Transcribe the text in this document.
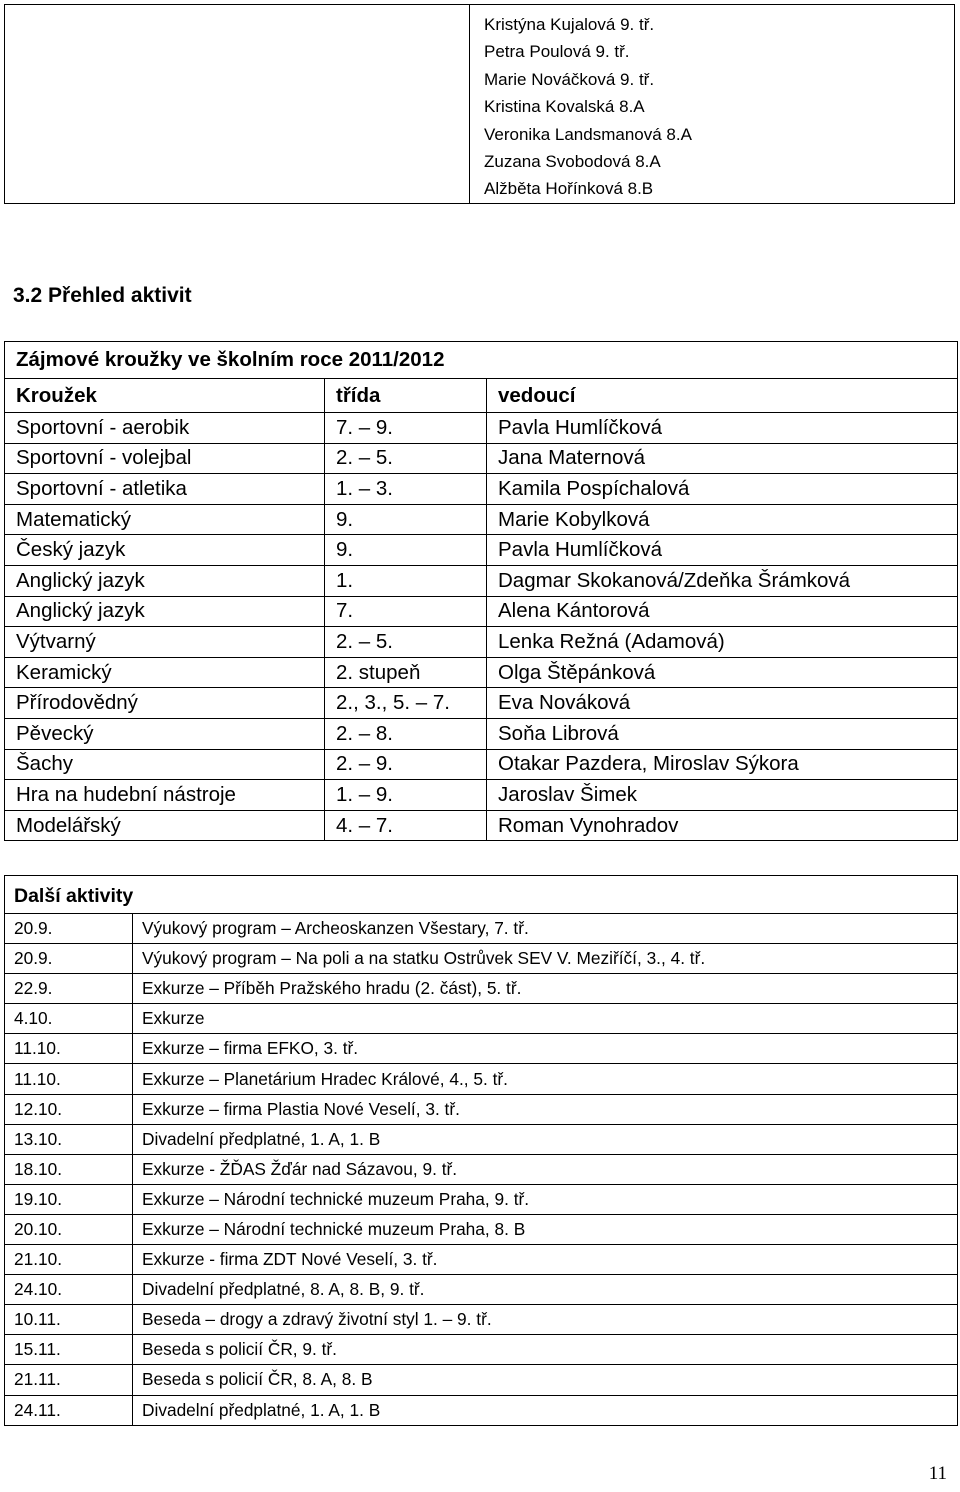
Kristýna Kujalová 9. tř.
Petra Poulová 9. tř.
Marie Nováčková 9. tř.
Kristina Kovalská 8.A
Veronika Landsmanová 8.A
Zuzana Svobodová 8.A
Alžběta Hořínková 8.B
3.2 Přehled aktivit
Zájmové kroužky ve školním roce 2011/2012		
Kroužek	třída	vedoucí
Sportovní - aerobik	7. – 9.	Pavla Humlíčková
Sportovní - volejbal	2. – 5.	Jana Maternová
Sportovní - atletika	1. – 3.	Kamila Pospíchalová
Matematický	9.	Marie Kobylková
Český jazyk	9.	Pavla Humlíčková
Anglický jazyk	1.	Dagmar Skokanová/Zdeňka Šrámková
Anglický jazyk	7.	Alena Kántorová
Výtvarný	2. – 5.	Lenka Režná (Adamová)
Keramický	2. stupeň	Olga Štěpánková
Přírodovědný	2., 3., 5. – 7.	Eva Nováková
Pěvecký	2. – 8.	Soňa Librová
Šachy	2. – 9.	Otakar Pazdera, Miroslav Sýkora
Hra na hudební nástroje	1. – 9.	Jaroslav Šimek
Modelářský	4. – 7.	Roman Vynohradov
Další aktivity	
20.9.	Výukový program – Archeoskanzen Všestary, 7. tř.
20.9.	Výukový program – Na poli a na statku Ostrůvek SEV V. Meziříčí, 3., 4. tř.
22.9.	Exkurze – Příběh Pražského hradu (2. část), 5. tř.
4.10.	Exkurze
11.10.	Exkurze – firma EFKO, 3. tř.
11.10.	Exkurze – Planetárium Hradec Králové, 4., 5. tř.
12.10.	Exkurze – firma Plastia Nové Veselí, 3. tř.
13.10.	Divadelní předplatné, 1. A, 1. B
18.10.	Exkurze - ŽĎAS Žďár nad Sázavou, 9. tř.
19.10.	Exkurze – Národní technické muzeum Praha, 9. tř.
20.10.	Exkurze – Národní technické muzeum Praha, 8. B
21.10.	Exkurze - firma ZDT Nové Veselí, 3. tř.
24.10.	Divadelní předplatné, 8. A, 8. B, 9. tř.
10.11.	Beseda – drogy a zdravý životní styl 1. – 9. tř.
15.11.	Beseda s policií ČR, 9. tř.
21.11.	Beseda s policií ČR, 8. A, 8. B
24.11.	Divadelní předplatné, 1. A, 1. B
11
